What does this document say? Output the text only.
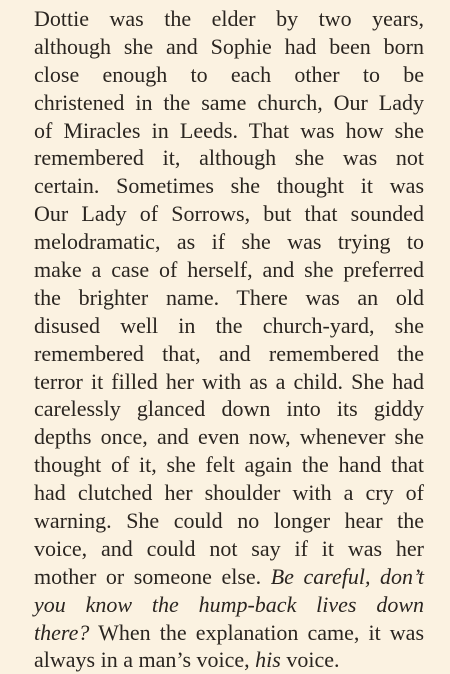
Dottie was the elder by two years,
although she and Sophie had been born
close enough to each other to be
christened in the same church, Our Lady
of Miracles in Leeds. That was how she
remembered it, although she was not
certain. Sometimes she thought it was
Our Lady of Sorrows, but that sounded
melodramatic, as if she was trying to
make a case of herself, and she preferred
the brighter name. There was an old
disused well in the church-yard, she
remembered that, and remembered the
terror it filled her with as a child. She had
carelessly glanced down into its giddy
depths once, and even now, whenever she
thought of it, she felt again the hand that
had clutched her shoulder with a cry of
warning. She could no longer hear the
voice, and could not say if it was her
mother or someone else. Be careful, don’t
you know the hump-back lives down
there? When the explanation came, it was
always in a man’s voice, his voice.
